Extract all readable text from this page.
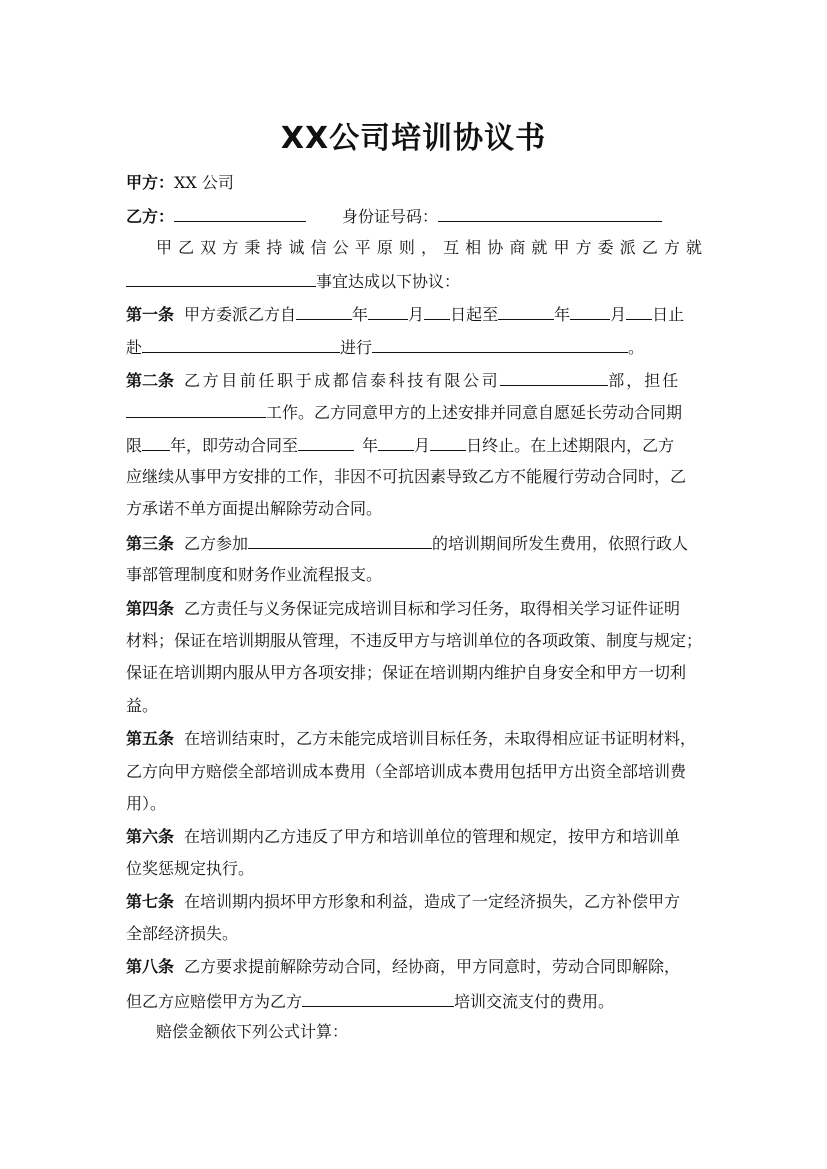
XX公司培训协议书
甲方：XX 公司
乙方：	身份证号码：
甲乙双方秉持诚信公平原则，互相协商就甲方委派乙方就
事宜达成以下协议：
第一条 甲方委派乙方自	年	月 日起至	年	月 日止
赴	进行	。
第二条 乙方目前任职于成都信泰科技有限公司	部，担任
工作。乙方同意甲方的上述安排并同意自愿延长劳动合同期
限 年，即劳动合同至	年 月 日终止。在上述期限内，乙方
应继续从事甲方安排的工作，非因不可抗因素导致乙方不能履行劳动合同时，乙
方承诺不单方面提出解除劳动合同。
第三条 乙方参加	的培训期间所发生费用，依照行政人
事部管理制度和财务作业流程报支。
第四条 乙方责任与义务保证完成培训目标和学习任务，取得相关学习证件证明
材料；保证在培训期服从管理，不违反甲方与培训单位的各项政策、制度与规定；
保证在培训期内服从甲方各项安排；保证在培训期内维护自身安全和甲方一切利
益。
第五条 在培训结束时，乙方未能完成培训目标任务，未取得相应证书证明材料，
乙方向甲方赔偿全部培训成本费用（全部培训成本费用包括甲方出资全部培训费
用）。
第六条 在培训期内乙方违反了甲方和培训单位的管理和规定，按甲方和培训单
位奖惩规定执行。
第七条 在培训期内损坏甲方形象和利益，造成了一定经济损失，乙方补偿甲方
全部经济损失。
第八条 乙方要求提前解除劳动合同，经协商，甲方同意时，劳动合同即解除，
但乙方应赔偿甲方为乙方	培训交流支付的费用。
赔偿金额依下列公式计算：
